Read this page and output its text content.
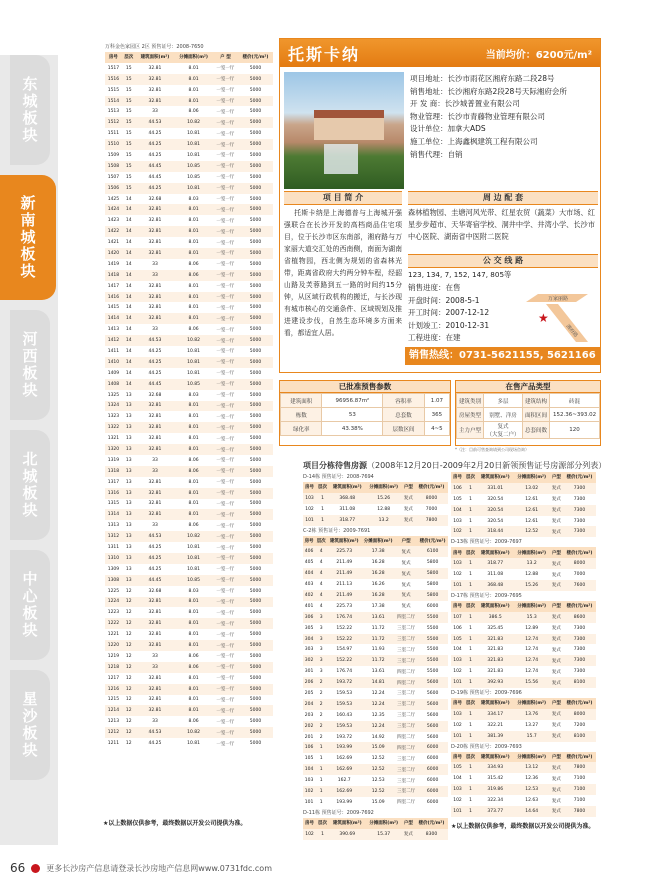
东城板块
新南城板块
河西板块
北城板块
中心板块
星沙板块
万科金色家园区 2区 预售证号：2008-7650
房号	层次	建筑面积(m²)	分摊面积(m²)	户 型	楼价(元/m²)
1517	15	32.81	8.01	一室一厅	5000
1516	15	32.81	8.01	一室一厅	5000
1515	15	32.81	8.01	一室一厅	5000
1514	15	32.81	8.01	一室一厅	5000
1513	15	33	8.06	一室一厅	5000
1512	15	44.53	10.82	一室一厅	5000
1511	15	44.25	10.81	一室一厅	5000
1510	15	44.25	10.81	一室一厅	5000
1509	15	44.25	10.81	一室一厅	5000
1508	15	44.45	10.85	一室一厅	5000
1507	15	44.45	10.85	一室一厅	5000
1506	15	44.25	10.81	一室一厅	5000
1425	14	32.68	8.03	一室一厅	5000
1424	14	32.81	8.01	一室一厅	5000
1423	14	32.81	8.01	一室一厅	5000
1422	14	32.81	8.01	一室一厅	5000
1421	14	32.81	8.01	一室一厅	5000
1420	14	32.81	8.01	一室一厅	5000
1419	14	33	8.06	一室一厅	5000
1418	14	33	8.06	一室一厅	5000
1417	14	32.81	8.01	一室一厅	5000
1416	14	32.81	8.01	一室一厅	5000
1415	14	32.81	8.01	一室一厅	5000
1414	14	32.81	8.01	一室一厅	5000
1413	14	33	8.06	一室一厅	5000
1412	14	44.53	10.82	一室一厅	5000
1411	14	44.25	10.81	一室一厅	5000
1410	14	44.25	10.81	一室一厅	5000
1409	14	44.25	10.81	一室一厅	5000
1408	14	44.45	10.85	一室一厅	5000
1325	13	32.68	8.03	一室一厅	5000
1324	13	32.81	8.01	一室一厅	5000
1323	13	32.81	8.01	一室一厅	5000
1322	13	32.81	8.01	一室一厅	5000
1321	13	32.81	8.01	一室一厅	5000
1320	13	32.81	8.01	一室一厅	5000
1319	13	33	8.06	一室一厅	5000
1318	13	33	8.06	一室一厅	5000
1317	13	32.81	8.01	一室一厅	5000
1316	13	32.81	8.01	一室一厅	5000
1315	13	32.81	8.01	一室一厅	5000
1314	13	32.81	8.01	一室一厅	5000
1313	13	33	8.06	一室一厅	5000
1312	13	44.53	10.82	一室一厅	5000
1311	13	44.25	10.81	一室一厅	5000
1310	13	44.25	10.81	一室一厅	5000
1309	13	44.25	10.81	一室一厅	5000
1308	13	44.45	10.85	一室一厅	5000
1225	12	32.68	8.03	一室一厅	5000
1224	12	32.81	8.01	一室一厅	5000
1223	12	32.81	8.01	一室一厅	5000
1222	12	32.81	8.01	一室一厅	5000
1221	12	32.81	8.01	一室一厅	5000
1220	12	32.81	8.01	一室一厅	5000
1219	12	33	8.06	一室一厅	5000
1218	12	33	8.06	一室一厅	5000
1217	12	32.81	8.01	一室一厅	5000
1216	12	32.81	8.01	一室一厅	5000
1215	12	32.81	8.01	一室一厅	5000
1214	12	32.81	8.01	一室一厅	5000
1213	12	33	8.06	一室一厅	5000
1212	12	44.53	10.82	一室一厅	5000
1211	12	44.25	10.81	一室一厅	5000
★以上数据仅供参考，最终数据以开发公司提供为准。
托斯卡纳	当前均价：6200元/m²
项目地址：长沙市雨花区湘府东路二段28号
销售地址：长沙湘府东路2段28号天际湘府会所
开 发 商：长沙城普置业有限公司
物业管理：长沙市青藤物业管理有限公司
设计单位：加拿大ADS
施工单位：上海鑫枫建筑工程有限公司
销售代理：自销
项 目 简 介	周 边 配 套
托斯卡纳是上海德普与上海城开强强联合在长沙开发的高档商品住宅项目，位于长沙市区东南部，湘府路与万家丽大道交汇处的西南侧，南面为湖南省植物园，西北侧为规划的省森林光带，距离省政府大约两分钟车程，经韶山路及芙蓉路到五一路的时间约15分钟，从区域行政机构的搬迁，与长沙现有城市核心的交通条件、区域规划及推进建设步伐，自然生态环境多方面来看，都适宜人居。
森林植物园、圭塘河风光带、红星农贸（蔬菜）大市场、红星步步超市、天华寄宿学校、洞井中学、井湾小学、长沙市中心医院、湖南省中医附二医院
公 交 线 路
123, 134, 7, 152, 147, 805等
销售进度：在售
开盘时间：2008-5-1
开工时间：2007-12-12
计划竣工：2010-12-31
工程进度：在建
万家丽路
湘府路
★
销售热线：0731-5621155, 5621166
已批准预售参数
建筑面积	96956.87m²	容积率	1.07
栋数	53	总套数	365
绿化率	43.38%	层数区间	4~5
在售产品类型
建筑类别	多层	建筑结构	砖混
房屋类型	别墅、洋房	面积区间	152.36~393.02
主力户型	复式
（大复二户）	总套间数	120
*（注：目前可售查询请到公司现场咨询）
项目分栋待售房源（2008年12月20日-2009年2月20日新领预售证号房源部分列表）
D-14栋 预售证号：2008-7694
房号	层次	建筑面积(m²)	分摊面积(m²)	户型	楼价(元/m²)
103	1	368.48	15.26	复式	8000
102	1	311.08	12.88	复式	7000
101	1	318.77	13.2	复式	7800
C-2栋 预售证号：2009-7691
房号	层次	建筑面积(m²)	分摊面积(m²)	户型	楼价(元/m²)
406	4	225.73	17.38	复式	6100
405	4	211.49	16.28	复式	5800
404	4	211.49	16.28	复式	5800
403	4	211.13	16.26	复式	5800
402	4	211.49	16.28	复式	5800
401	4	225.73	17.38	复式	6000
306	3	176.74	13.61	四室二厅	5500
305	3	152.22	11.72	三室二厅	5500
304	3	152.22	11.72	三室二厅	5500
303	3	154.97	11.93	三室二厅	5500
302	3	152.22	11.72	三室二厅	5500
301	3	176.74	13.61	四室二厅	5500
206	2	193.72	14.81	四室二厅	5600
205	2	159.53	12.24	三室二厅	5600
204	2	159.53	12.24	三室二厅	5600
203	2	160.43	12.35	三室二厅	5600
202	2	159.53	12.24	三室二厅	5600
201	2	193.72	14.92	四室二厅	5600
106	1	193.99	15.09	四室二厅	6000
105	1	162.69	12.52	三室二厅	6000
104	1	162.69	12.52	三室二厅	6000
103	1	162.7	12.53	三室二厅	6000
102	1	162.69	12.52	三室二厅	6000
101	1	193.99	15.09	四室二厅	6000
D-11栋 预售证号：2009-7692
房号	层次	建筑面积(m²)	分摊面积(m²)	户型	楼价(元/m²)
102	1	390.69	15.37	复式	8300
房号	层次	建筑面积(m²)	分摊面积(m²)	户型	楼价(元/m²)
106	1	331.01	13.02	复式	7300
105	1	320.54	12.61	复式	7300
104	1	320.54	12.61	复式	7300
103	1	320.54	12.61	复式	7300
102	1	318.44	12.52	复式	7300
D-13栋 预售证号：2009-7697
房号	层次	建筑面积(m²)	分摊面积(m²)	户型	楼价(元/m²)
103	1	318.77	13.2	复式	8000
102	1	311.08	12.88	复式	7000
101	1	368.48	15.26	复式	7600
D-17栋 预售证号：2009-7695
房号	层次	建筑面积(m²)	分摊面积(m²)	户型	楼价(元/m²)
107	1	386.5	15.3	复式	8600
106	1	325.45	12.89	复式	7300
105	1	321.83	12.74	复式	7300
104	1	321.83	12.74	复式	7300
103	1	321.83	12.74	复式	7300
102	1	321.83	12.74	复式	7300
101	1	392.93	15.56	复式	8100
D-19栋 预售证号：2009-7696
房号	层次	建筑面积(m²)	分摊面积(m²)	户型	楼价(元/m²)
103	1	334.17	13.76	复式	8000
102	1	322.21	13.27	复式	7200
101	1	381.39	15.7	复式	8100
D-20栋 预售证号：2009-7693
房号	层次	建筑面积(m²)	分摊面积(m²)	户型	楼价(元/m²)
105	1	334.93	13.12	复式	7800
104	1	315.42	12.36	复式	7100
103	1	319.86	12.53	复式	7100
102	1	322.34	12.63	复式	7100
101	1	373.77	14.64	复式	7800
★以上数据仅供参考，最终数据以开发公司提供为准。
66	更多长沙房产信息请登录长沙房地产信息网www.0731fdc.com
